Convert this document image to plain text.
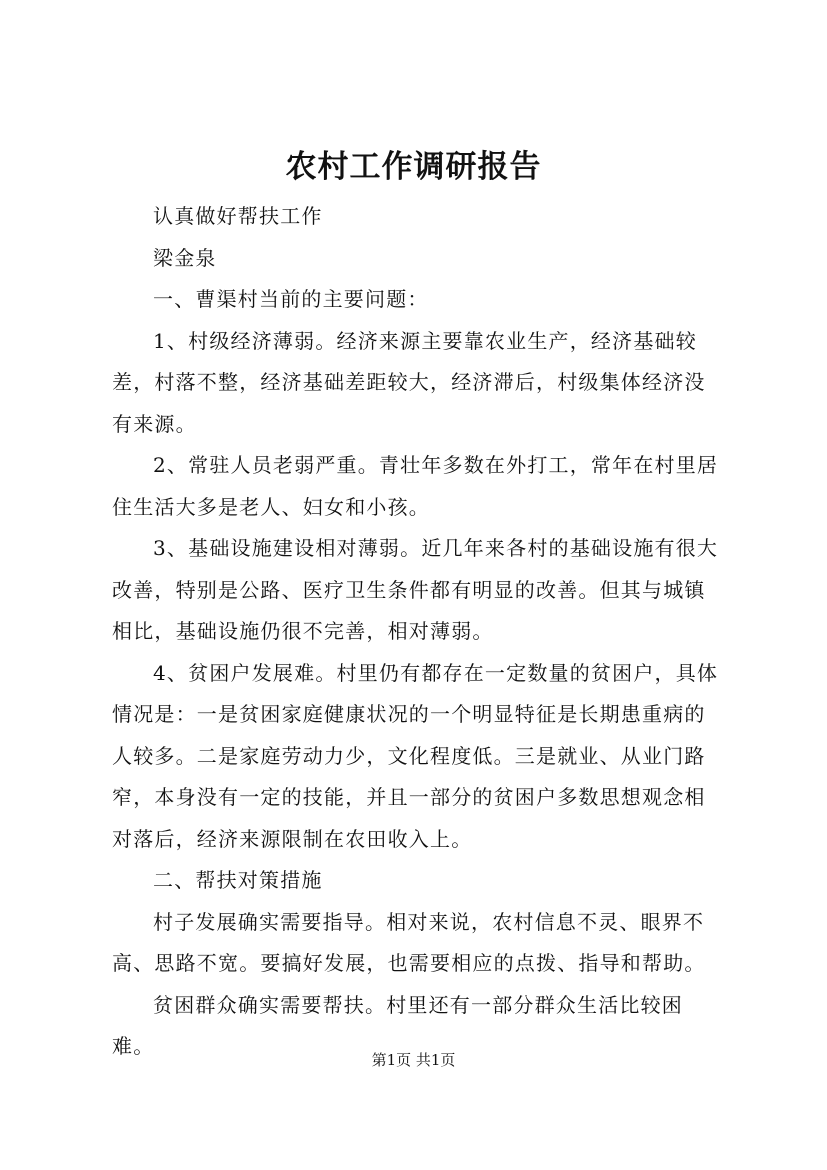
农村工作调研报告

认真做好帮扶工作

梁金泉

一、曹渠村当前的主要问题：

1、村级经济薄弱。经济来源主要靠农业生产，经济基础较差，村落不整，经济基础差距较大，经济滞后，村级集体经济没有来源。

2、常驻人员老弱严重。青壮年多数在外打工，常年在村里居住生活大多是老人、妇女和小孩。

3、基础设施建设相对薄弱。近几年来各村的基础设施有很大改善，特别是公路、医疗卫生条件都有明显的改善。但其与城镇相比，基础设施仍很不完善，相对薄弱。

4、贫困户发展难。村里仍有都存在一定数量的贫困户，具体情况是：一是贫困家庭健康状况的一个明显特征是长期患重病的人较多。二是家庭劳动力少，文化程度低。三是就业、从业门路窄，本身没有一定的技能，并且一部分的贫困户多数思想观念相对落后，经济来源限制在农田收入上。

二、帮扶对策措施

村子发展确实需要指导。相对来说，农村信息不灵、眼界不高、思路不宽。要搞好发展，也需要相应的点拨、指导和帮助。

贫困群众确实需要帮扶。村里还有一部分群众生活比较困难。

第1页 共1页
